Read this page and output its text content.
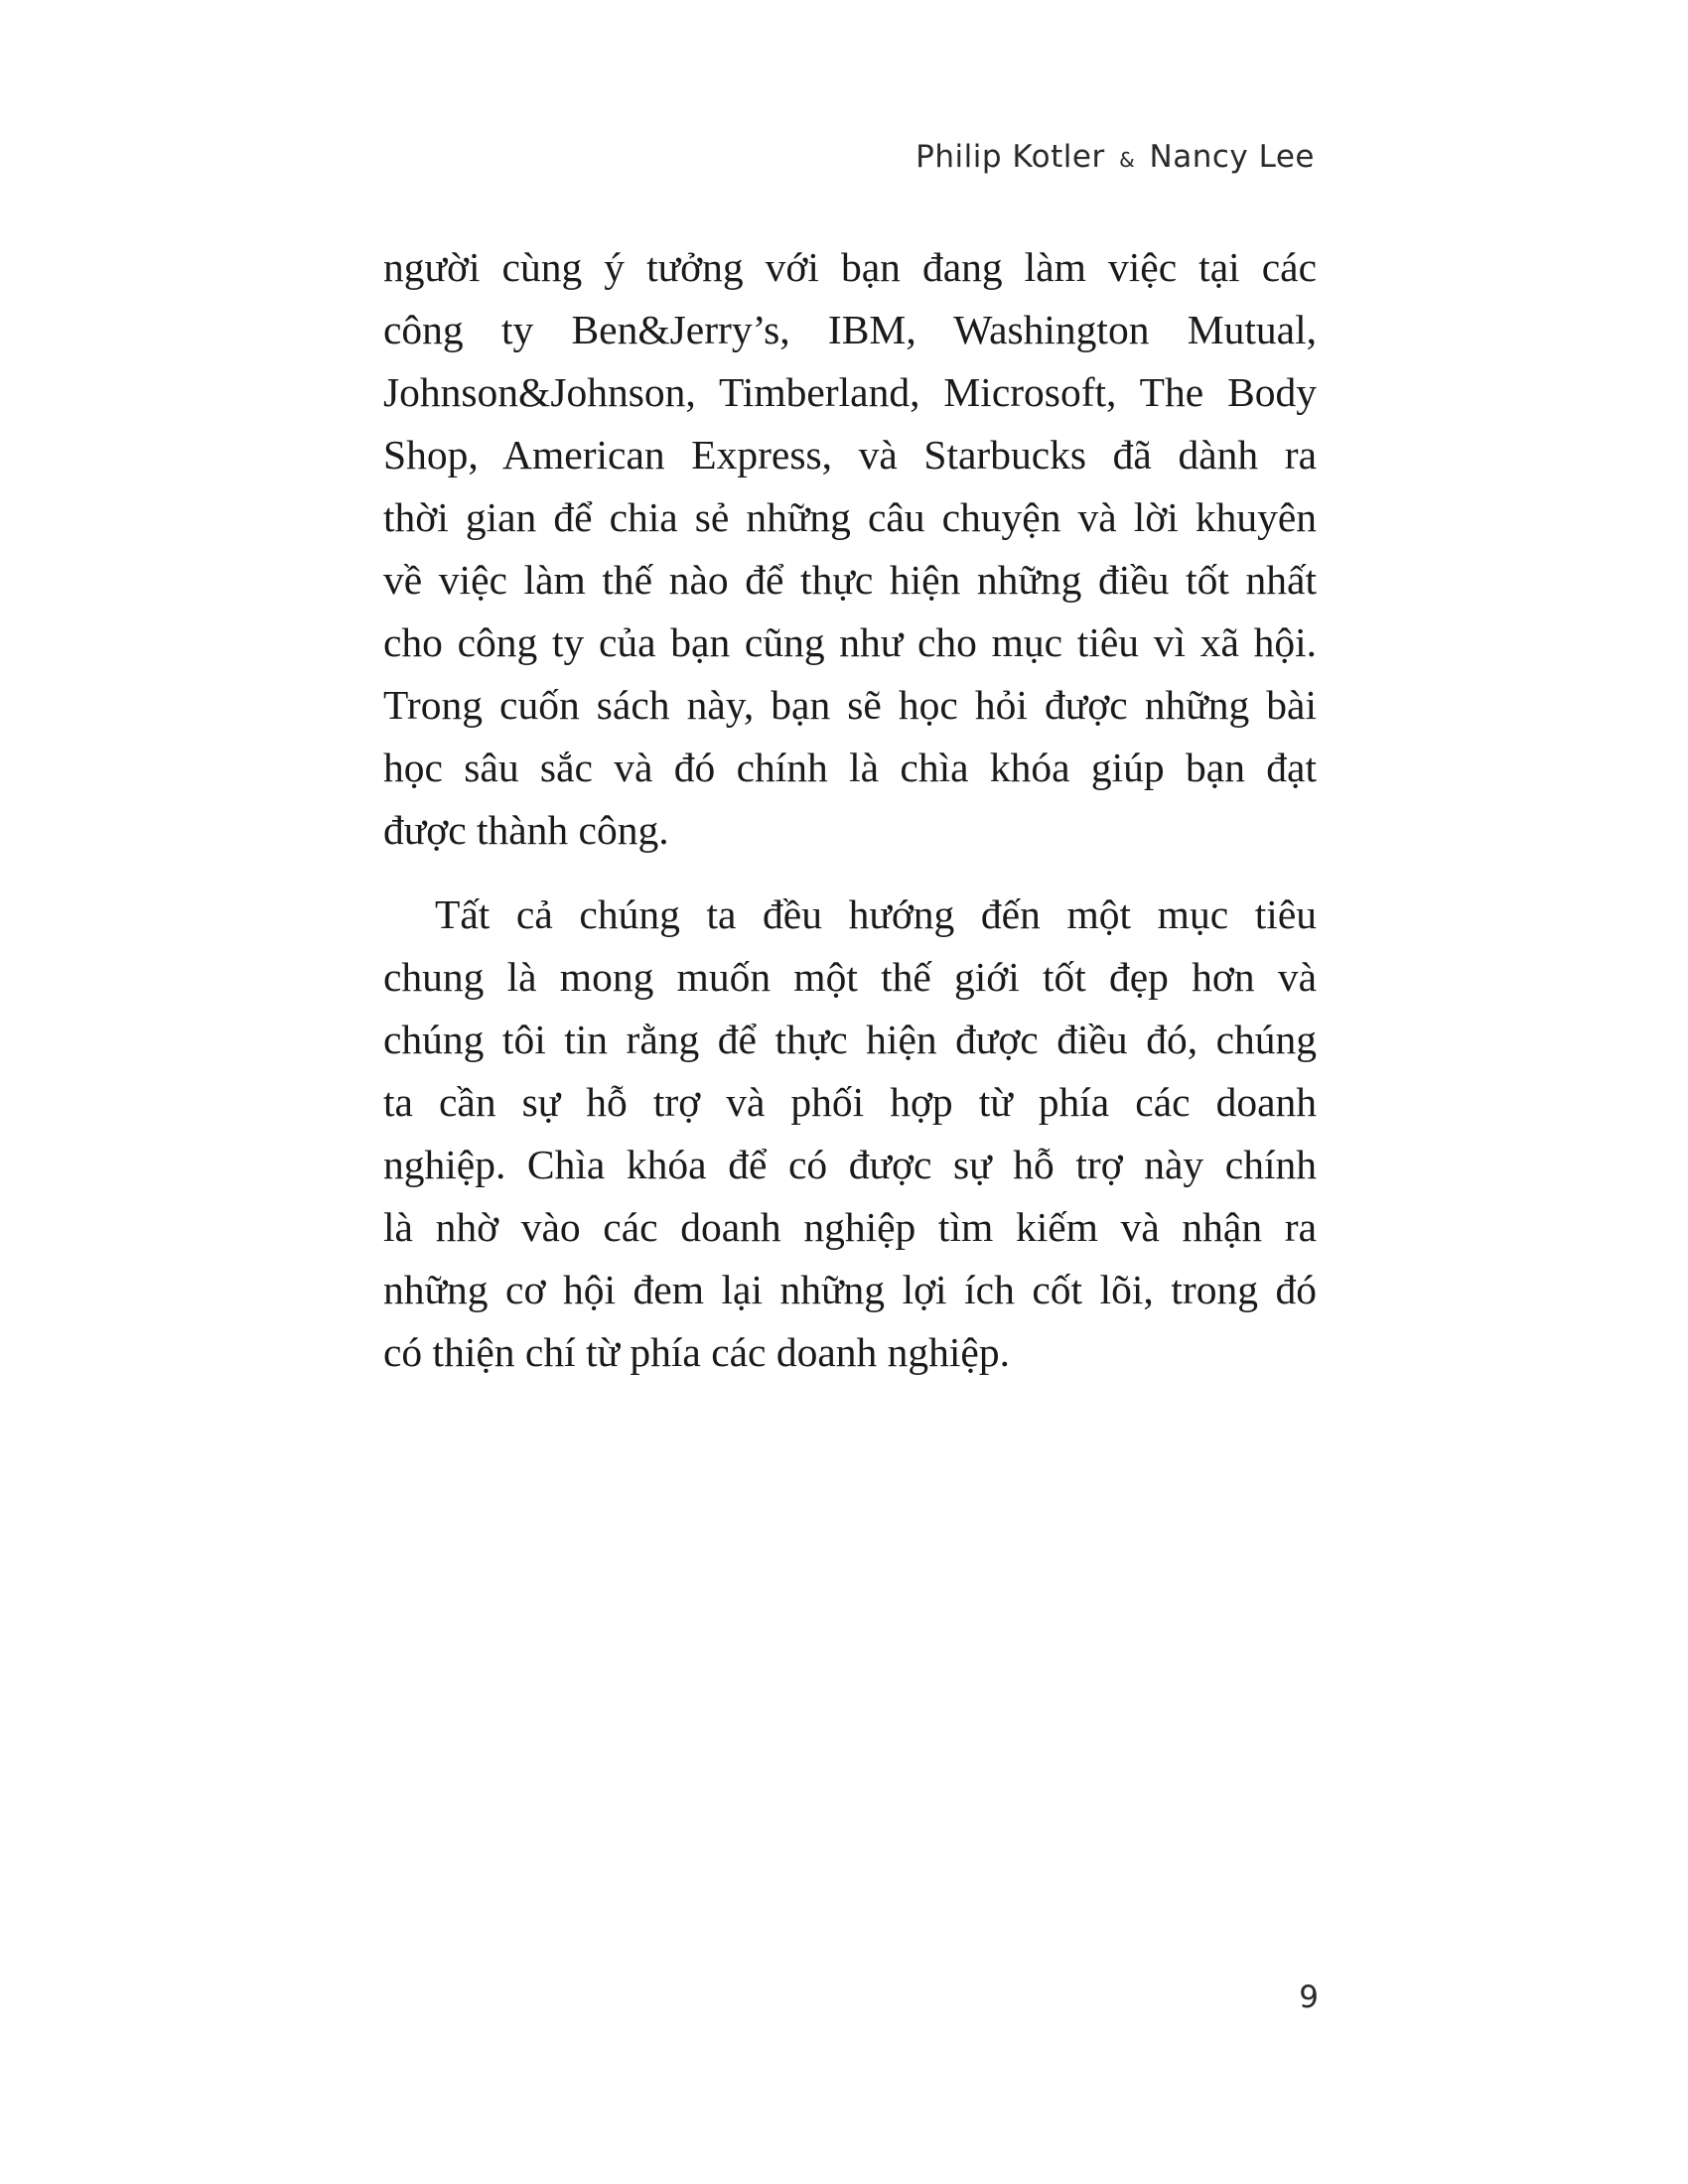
Philip Kotler & Nancy Lee

người cùng ý tưởng với bạn đang làm việc tại các
công ty Ben&Jerry’s, IBM, Washington Mutual,
Johnson&Johnson, Timberland, Microsoft, The Body
Shop, American Express, và Starbucks đã dành ra
thời gian để chia sẻ những câu chuyện và lời khuyên
về việc làm thế nào để thực hiện những điều tốt nhất
cho công ty của bạn cũng như cho mục tiêu vì xã hội.
Trong cuốn sách này, bạn sẽ học hỏi được những bài
học sâu sắc và đó chính là chìa khóa giúp bạn đạt
được thành công.

Tất cả chúng ta đều hướng đến một mục tiêu
chung là mong muốn một thế giới tốt đẹp hơn và
chúng tôi tin rằng để thực hiện được điều đó, chúng
ta cần sự hỗ trợ và phối hợp từ phía các doanh
nghiệp. Chìa khóa để có được sự hỗ trợ này chính
là nhờ vào các doanh nghiệp tìm kiếm và nhận ra
những cơ hội đem lại những lợi ích cốt lõi, trong đó
có thiện chí từ phía các doanh nghiệp.

9
